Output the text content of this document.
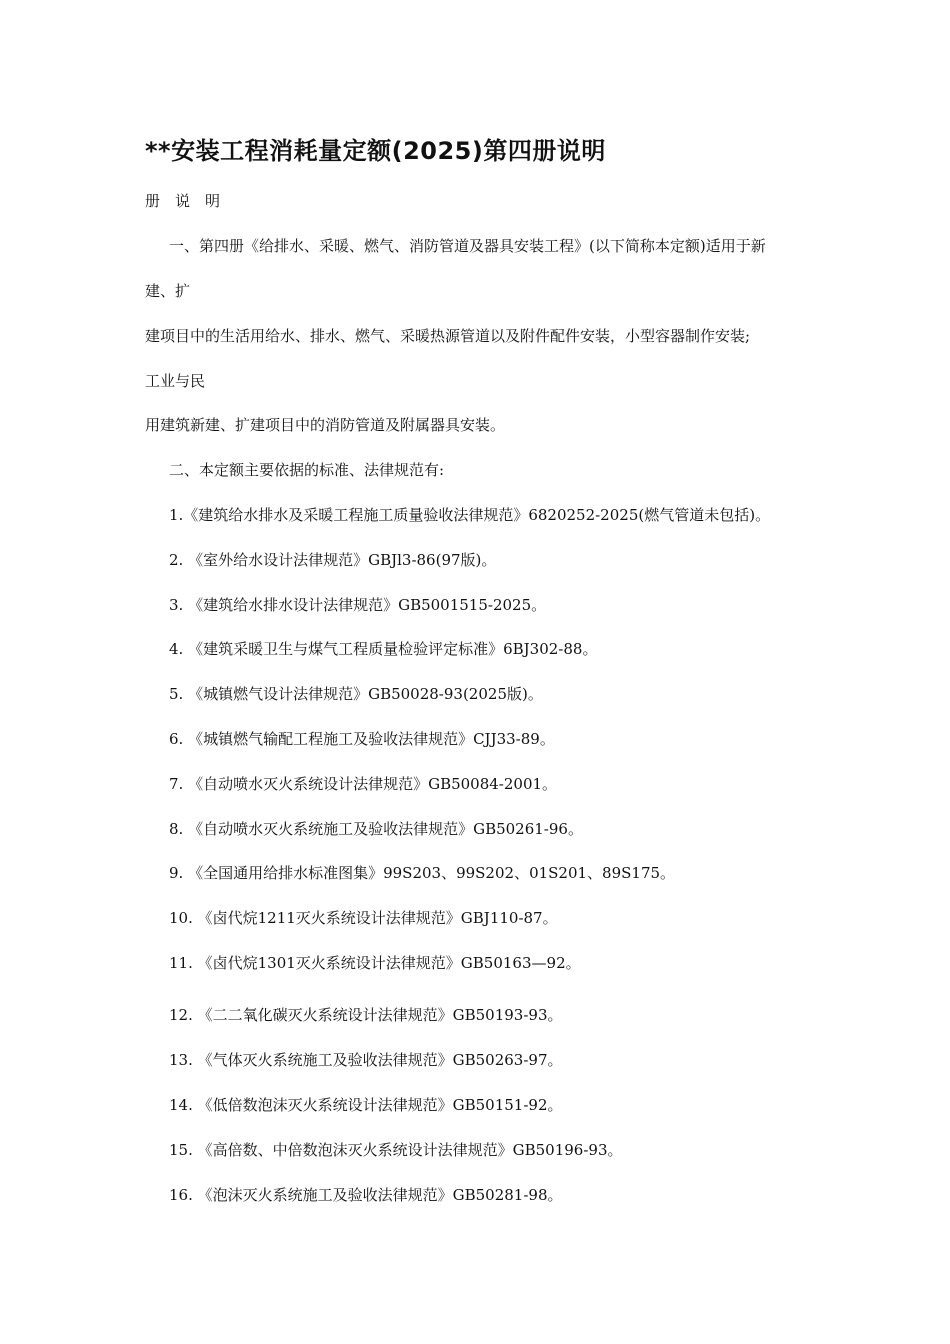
**安装工程消耗量定额(2025)第四册说明
册　说　明
一、第四册《给排水、采暖、燃气、消防管道及器具安装工程》(以下简称本定额)适用于新
建、扩
建项目中的生活用给水、排水、燃气、采暖热源管道以及附件配件安装，小型容器制作安装;
工业与民
用建筑新建、扩建项目中的消防管道及附属器具安装。
二、本定额主要依据的标准、法律规范有:
1.《建筑给水排水及采暖工程施工质量验收法律规范》6820252-2025(燃气管道未包括)。
2. 《室外给水设计法律规范》GBJl3-86(97版)。
3. 《建筑给水排水设计法律规范》GB5001515-2025。
4. 《建筑采暖卫生与煤气工程质量检验评定标准》6BJ302-88。
5. 《城镇燃气设计法律规范》GB50028-93(2025版)。
6. 《城镇燃气输配工程施工及验收法律规范》CJJ33-89。
7. 《自动喷水灭火系统设计法律规范》GB50084-2001。
8. 《自动喷水灭火系统施工及验收法律规范》GB50261-96。
9. 《全国通用给排水标准图集》99S203、99S202、01S201、89S175。
10. 《卤代烷1211灭火系统设计法律规范》GBJ110-87。
11. 《卤代烷1301灭火系统设计法律规范》GB50163—92。
12. 《二二氧化碳灭火系统设计法律规范》GB50193-93。
13. 《气体灭火系统施工及验收法律规范》GB50263-97。
14. 《低倍数泡沫灭火系统设计法律规范》GB50151-92。
15. 《高倍数、中倍数泡沫灭火系统设计法律规范》GB50196-93。
16. 《泡沫灭火系统施工及验收法律规范》GB50281-98。
